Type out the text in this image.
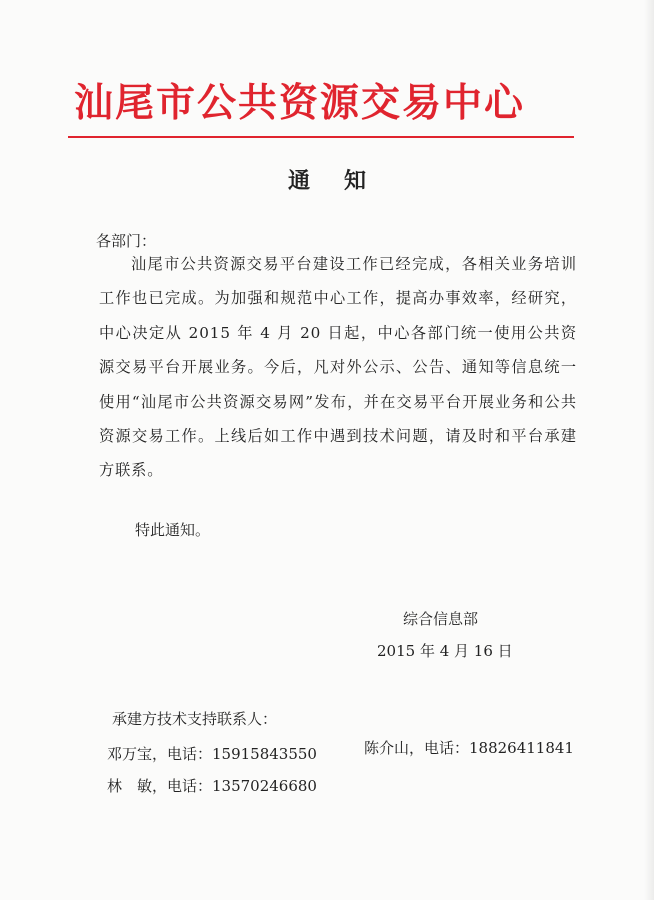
汕尾市公共资源交易中心
通知
各部门：
汕尾市公共资源交易平台建设工作已经完成，各相关业务培训工作也已完成。为加强和规范中心工作，提高办事效率，经研究，中心决定从 2015 年 4 月 20 日起，中心各部门统一使用公共资源交易平台开展业务。今后，凡对外公示、公告、通知等信息统一使用“汕尾市公共资源交易网”发布，并在交易平台开展业务和公共资源交易工作。上线后如工作中遇到技术问题，请及时和平台承建方联系。
特此通知。
综合信息部
2015 年 4 月 16 日
承建方技术支持联系人：
邓万宝，电话：15915843550	陈介山，电话：18826411841
林　敏，电话：13570246680
